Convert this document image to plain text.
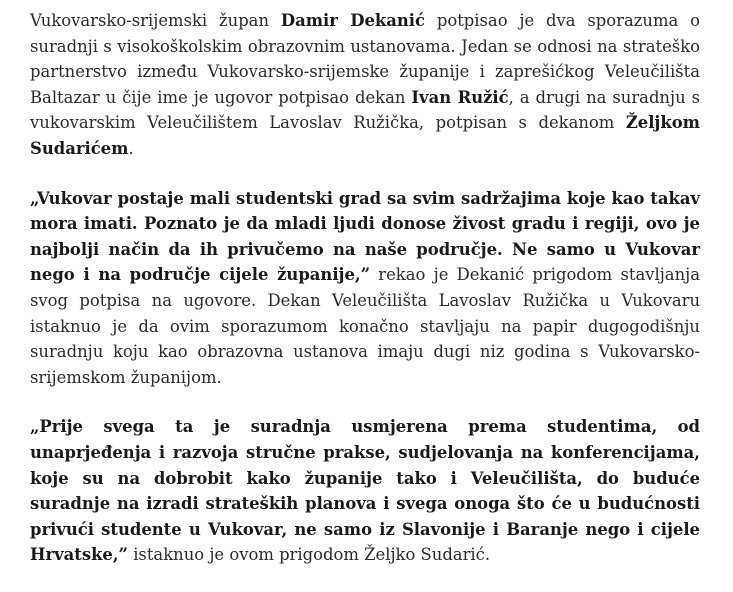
Vukovarsko-srijemski župan Damir Dekanić potpisao je dva sporazuma o suradnji s visokoškolskim obrazovnim ustanovama. Jedan se odnosi na strateško partnerstvo između Vukovarsko-srijemske županije i zaprešićkog Veleučilišta Baltazar u čije ime je ugovor potpisao dekan Ivan Ružić, a drugi na suradnju s vukovarskim Veleučilištem Lavoslav Ružička, potpisan s dekanom Željkom Sudarićem.

„Vukovar postaje mali studentski grad sa svim sadržajima koje kao takav mora imati. Poznato je da mladi ljudi donose živost gradu i regiji, ovo je najbolji način da ih privučemo na naše područje. Ne samo u Vukovar nego i na područje cijele županije,” rekao je Dekanić prigodom stavljanja svog potpisa na ugovore. Dekan Veleučilišta Lavoslav Ružička u Vukovaru istaknuo je da ovim sporazumom konačno stavljaju na papir dugogodišnju suradnju koju kao obrazovna ustanova imaju dugi niz godina s Vukovarsko-srijemskom županijom.

„Prije svega ta je suradnja usmjerena prema studentima, od unaprjeđenja i razvoja stručne prakse, sudjelovanja na konferencijama, koje su na dobrobit kako županije tako i Veleučilišta, do buduće suradnje na izradi strateških planova i svega onoga što će u budućnosti privući studente u Vukovar, ne samo iz Slavonije i Baranje nego i cijele Hrvatske,” istaknuo je ovom prigodom Željko Sudarić.
